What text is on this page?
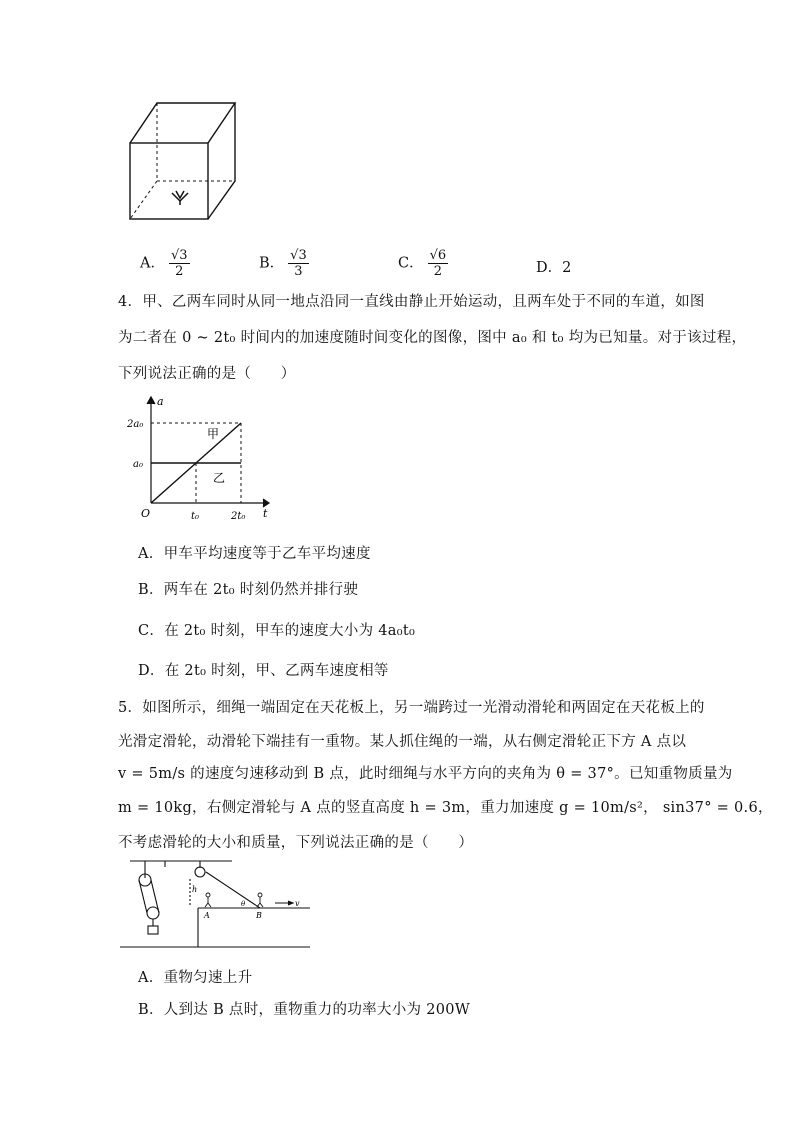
A． $\frac{√3}{2}$	B． $\frac{√3}{3}$	C． $\frac{√6}{2}$	D．2
4．甲、乙两车同时从同一地点沿同一直线由静止开始运动，且两车处于不同的车道，如图
为二者在 0 ~ 2t₀ 时间内的加速度随时间变化的图像，图中 a₀ 和 t₀ 均为已知量。对于该过程，
下列说法正确的是（　　）
a
t
O
2a₀
a₀
t₀	2t₀
甲
乙
A．甲车平均速度等于乙车平均速度
B．两车在 2t₀ 时刻仍然并排行驶
C．在 2t₀ 时刻，甲车的速度大小为 4a₀t₀
D．在 2t₀ 时刻，甲、乙两车速度相等
5．如图所示，细绳一端固定在天花板上，另一端跨过一光滑动滑轮和两固定在天花板上的
光滑定滑轮，动滑轮下端挂有一重物。某人抓住绳的一端，从右侧定滑轮正下方 A 点以
v = 5m/s 的速度匀速移动到 B 点，此时细绳与水平方向的夹角为 θ = 37°。已知重物质量为
m = 10kg，右侧定滑轮与 A 点的竖直高度 h = 3m，重力加速度 g = 10m/s²， sin37° = 0.6，
不考虑滑轮的大小和质量，下列说法正确的是（　　）
h
A	B
θ	v
A．重物匀速上升
B．人到达 B 点时，重物重力的功率大小为 200W
